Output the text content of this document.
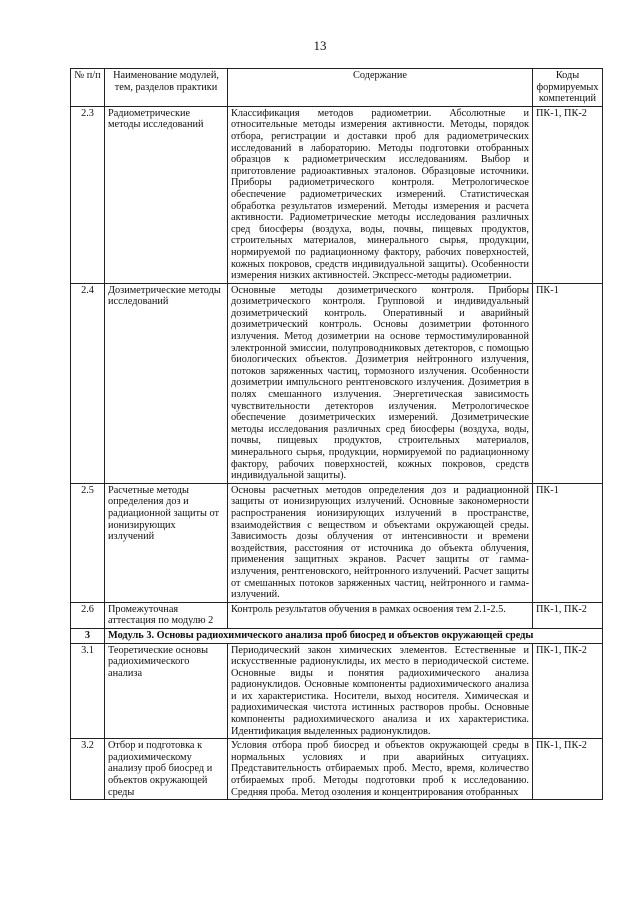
13
№ п/п	Наименование модулей, тем, разделов практики	Содержание	Коды формируемых компетенций
2.3	Радиометрические методы исследований	Классификация методов радиометрии. Абсолютные и относительные методы измерения активности. Методы, порядок отбора, регистрации и доставки проб для радиометрических исследований в лабораторию. Методы подготовки отобранных образцов к радиометрическим исследованиям. Выбор и приготовление радиоактивных эталонов. Образцовые источники. Приборы радиометрического контроля. Метрологическое обеспечение радиометрических измерений. Статистическая обработка результатов измерений. Методы измерения и расчета активности. Радиометрические методы исследования различных сред биосферы (воздуха, воды, почвы, пищевых продуктов, строительных материалов, минерального сырья, продукции, нормируемой по радиационному фактору, рабочих поверхностей, кожных покровов, средств индивидуальной защиты). Особенности измерения низких активностей. Экспресс-методы радиометрии.	ПК-1, ПК-2
2.4	Дозиметрические методы исследований	Основные методы дозиметрического контроля. Приборы дозиметрического контроля. Групповой и индивидуальный дозиметрический контроль. Оперативный и аварийный дозиметрический контроль. Основы дозиметрии фотонного излучения. Метод дозиметрии на основе термостимулированной электронной эмиссии, полупроводниковых детекторов, с помощью биологических объектов. Дозиметрия нейтронного излучения, потоков заряженных частиц, тормозного излучения. Особенности дозиметрии импульсного рентгеновского излучения. Дозиметрия в полях смешанного излучения. Энергетическая зависимость чувствительности детекторов излучения. Метрологическое обеспечение дозиметрических измерений. Дозиметрические методы исследования различных сред биосферы (воздуха, воды, почвы, пищевых продуктов, строительных материалов, минерального сырья, продукции, нормируемой по радиационному фактору, рабочих поверхностей, кожных покровов, средств индивидуальной защиты).	ПК-1
2.5	Расчетные методы определения доз и радиационной защиты от ионизирующих излучений	Основы расчетных методов определения доз и радиационной защиты от ионизирующих излучений. Основные закономерности распространения ионизирующих излучений в пространстве, взаимодействия с веществом и объектами окружающей среды. Зависимость дозы облучения от интенсивности и времени воздействия, расстояния от источника до объекта облучения, применения защитных экранов. Расчет защиты от гамма-излучения, рентгеновского, нейтронного излучений. Расчет защиты от смешанных потоков заряженных частиц, нейтронного и гамма-излучений.	ПК-1
2.6	Промежуточная аттестация по модулю 2	Контроль результатов обучения в рамках освоения тем 2.1-2.5.	ПК-1, ПК-2
3	Модуль 3. Основы радиохимического анализа проб биосред и объектов окружающей среды		
3.1	Теоретические основы радиохимического анализа	Периодический закон химических элементов. Естественные и искусственные радионуклиды, их место в периодической системе. Основные виды и понятия радиохимического анализа радионуклидов. Основные компоненты радиохимического анализа и их характеристика. Носители, выход носителя. Химическая и радиохимическая чистота истинных растворов пробы. Основные компоненты радиохимического анализа и их характеристика. Идентификация выделенных радионуклидов.	ПК-1, ПК-2
3.2	Отбор и подготовка к радиохимическому анализу проб биосред и объектов окружающей среды	Условия отбора проб биосред и объектов окружающей среды в нормальных условиях и при аварийных ситуациях. Представительность отбираемых проб. Место, время, количество отбираемых проб. Методы подготовки проб к исследованию. Средняя проба. Метод озоления и концентрирования отобранных	ПК-1, ПК-2
